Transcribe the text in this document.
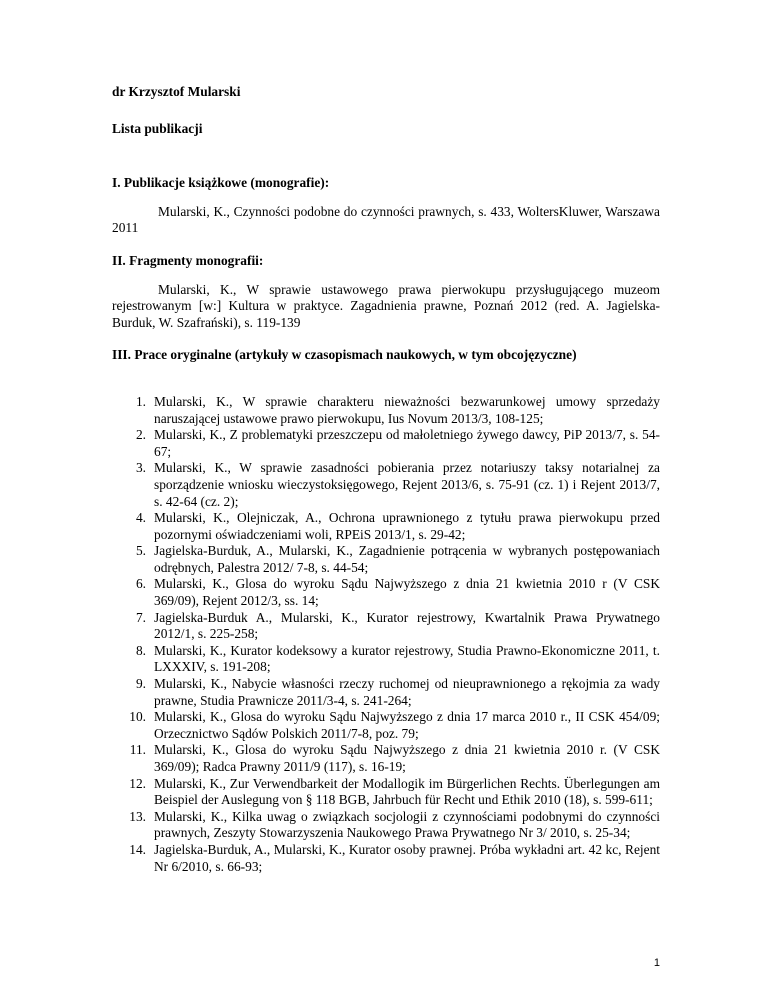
dr Krzysztof Mularski
Lista publikacji
I. Publikacje książkowe (monografie):

Mularski, K., Czynności podobne do czynności prawnych, s. 433, WoltersKluwer, Warszawa 2011

II. Fragmenty monografii:

Mularski, K., W sprawie ustawowego prawa pierwokupu przysługującego muzeom rejestrowanym [w:] Kultura w praktyce. Zagadnienia prawne, Poznań 2012 (red. A. Jagielska-Burduk, W. Szafrański), s. 119-139

III. Prace oryginalne (artykuły w czasopismach naukowych, w tym obcojęzyczne)
1. Mularski, K., W sprawie charakteru nieważności bezwarunkowej umowy sprzedaży naruszającej ustawowe prawo pierwokupu, Ius Novum 2013/3, 108-125;
2. Mularski, K., Z problematyki przeszczepu od małoletniego żywego dawcy, PiP 2013/7, s. 54-67;
3. Mularski, K., W sprawie zasadności pobierania przez notariuszy taksy notarialnej za sporządzenie wniosku wieczystoksięgowego, Rejent 2013/6, s. 75-91 (cz. 1) i Rejent 2013/7, s. 42-64 (cz. 2);
4. Mularski, K., Olejniczak, A., Ochrona uprawnionego z tytułu prawa pierwokupu przed pozornymi oświadczeniami woli, RPEiS 2013/1, s. 29-42;
5. Jagielska-Burduk, A., Mularski, K., Zagadnienie potrącenia w wybranych postępowaniach odrębnych, Palestra 2012/ 7-8, s. 44-54;
6. Mularski, K., Glosa do wyroku Sądu Najwyższego z dnia 21 kwietnia 2010 r (V CSK 369/09), Rejent 2012/3, ss. 14;
7. Jagielska-Burduk A., Mularski, K., Kurator rejestrowy, Kwartalnik Prawa Prywatnego 2012/1, s. 225-258;
8. Mularski, K., Kurator kodeksowy a kurator rejestrowy, Studia Prawno-Ekonomiczne 2011, t. LXXXIV, s. 191-208;
9. Mularski, K., Nabycie własności rzeczy ruchomej od nieuprawnionego a rękojmia za wady prawne, Studia Prawnicze 2011/3-4, s. 241-264;
10. Mularski, K., Glosa do wyroku Sądu Najwyższego z dnia 17 marca 2010 r., II CSK 454/09; Orzecznictwo Sądów Polskich 2011/7-8, poz. 79;
11. Mularski, K., Glosa do wyroku Sądu Najwyższego z dnia 21 kwietnia 2010 r. (V CSK 369/09); Radca Prawny 2011/9 (117), s. 16-19;
12. Mularski, K., Zur Verwendbarkeit der Modallogik im Bürgerlichen Rechts. Überlegungen am Beispiel der Auslegung von § 118 BGB, Jahrbuch für Recht und Ethik 2010 (18), s. 599-611;
13. Mularski, K., Kilka uwag o związkach socjologii z czynnościami podobnymi do czynności prawnych, Zeszyty Stowarzyszenia Naukowego Prawa Prywatnego Nr 3/ 2010, s. 25-34;
14. Jagielska-Burduk, A., Mularski, K., Kurator osoby prawnej. Próba wykładni art. 42 kc, Rejent Nr 6/2010, s. 66-93;
1
